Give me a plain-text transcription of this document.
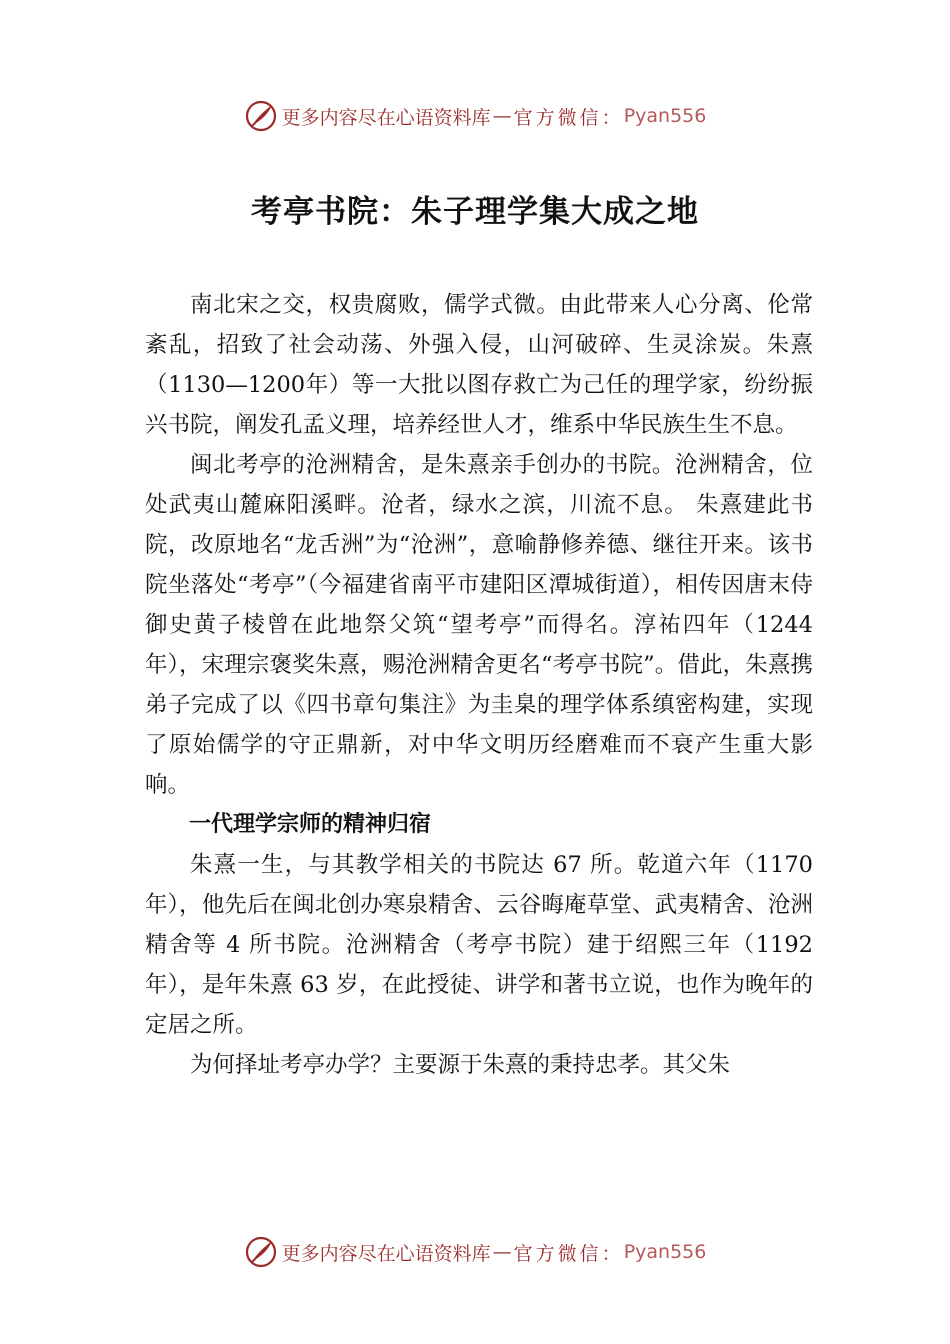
更多内容尽在心语资料库 — 官方微信： Pyan556
考亭书院：朱子理学集大成之地

南北宋之交，权贵腐败，儒学式微。由此带来人心分离、伦常紊乱，招致了社会动荡、外强入侵，山河破碎、生灵涂炭。朱熹（1130—1200年）等一大批以图存救亡为己任的理学家，纷纷振兴书院，阐发孔孟义理，培养经世人才，维系中华民族生生不息。

闽北考亭的沧洲精舍，是朱熹亲手创办的书院。沧洲精舍，位处武夷山麓麻阳溪畔。沧者，绿水之滨，川流不息。 朱熹建此书院，改原地名“龙舌洲”为“沧洲”，意喻静修养德、继往开来。该书院坐落处“考亭”（今福建省南平市建阳区潭城街道），相传因唐末侍御史黄子棱曾在此地祭父筑“望考亭”而得名。淳祐四年（1244年），宋理宗褒奖朱熹，赐沧洲精舍更名“考亭书院”。借此，朱熹携弟子完成了以《四书章句集注》为圭臬的理学体系缜密构建，实现了原始儒学的守正鼎新，对中华文明历经磨难而不衰产生重大影响。

一代理学宗师的精神归宿

朱熹一生，与其教学相关的书院达 67 所。乾道六年（1170年），他先后在闽北创办寒泉精舍、云谷晦庵草堂、武夷精舍、沧洲精舍等 4 所书院。沧洲精舍（考亭书院）建于绍熙三年（1192年），是年朱熹 63 岁，在此授徒、讲学和著书立说，也作为晚年的定居之所。

为何择址考亭办学？主要源于朱熹的秉持忠孝。其父朱

更多内容尽在心语资料库 — 官方微信： Pyan556
